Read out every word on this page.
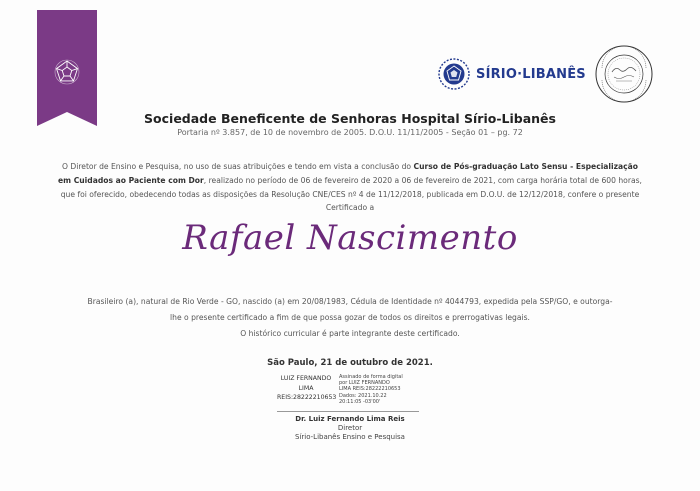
SÍRIO·LIBANÊS
Sociedade Beneficente de Senhoras Hospital Sírio-Libanês
Portaria nº 3.857, de 10 de novembro de 2005. D.O.U. 11/11/2005 - Seção 01 – pg. 72
O Diretor de Ensino e Pesquisa, no uso de suas atribuições e tendo em vista a conclusão do Curso de Pós-graduação Lato Sensu - Especialização
em Cuidados ao Paciente com Dor, realizado no período de 06 de fevereiro de 2020 a 06 de fevereiro de 2021, com carga horária total de 600 horas,
que foi oferecido, obedecendo todas as disposições da Resolução CNE/CES nº 4 de 11/12/2018, publicada em D.O.U. de 12/12/2018, confere o presente
Certificado a
Rafael Nascimento
Brasileiro (a), natural de Rio Verde - GO, nascido (a) em 20/08/1983, Cédula de Identidade nº 4044793, expedida pela SSP/GO, e outorga-
lhe o presente certificado a fim de que possa gozar de todos os direitos e prerrogativas legais.
O histórico curricular é parte integrante deste certificado.
São Paulo, 21 de outubro de 2021.
LUIZ FERNANDO
LIMA
REIS:28222210653
Assinado de forma digital
por LUIZ FERNANDO
LIMA REIS:28222210653
Dados: 2021.10.22
20:11:05 -03'00'
Dr. Luiz Fernando Lima Reis
Diretor
Sírio-Libanês Ensino e Pesquisa
